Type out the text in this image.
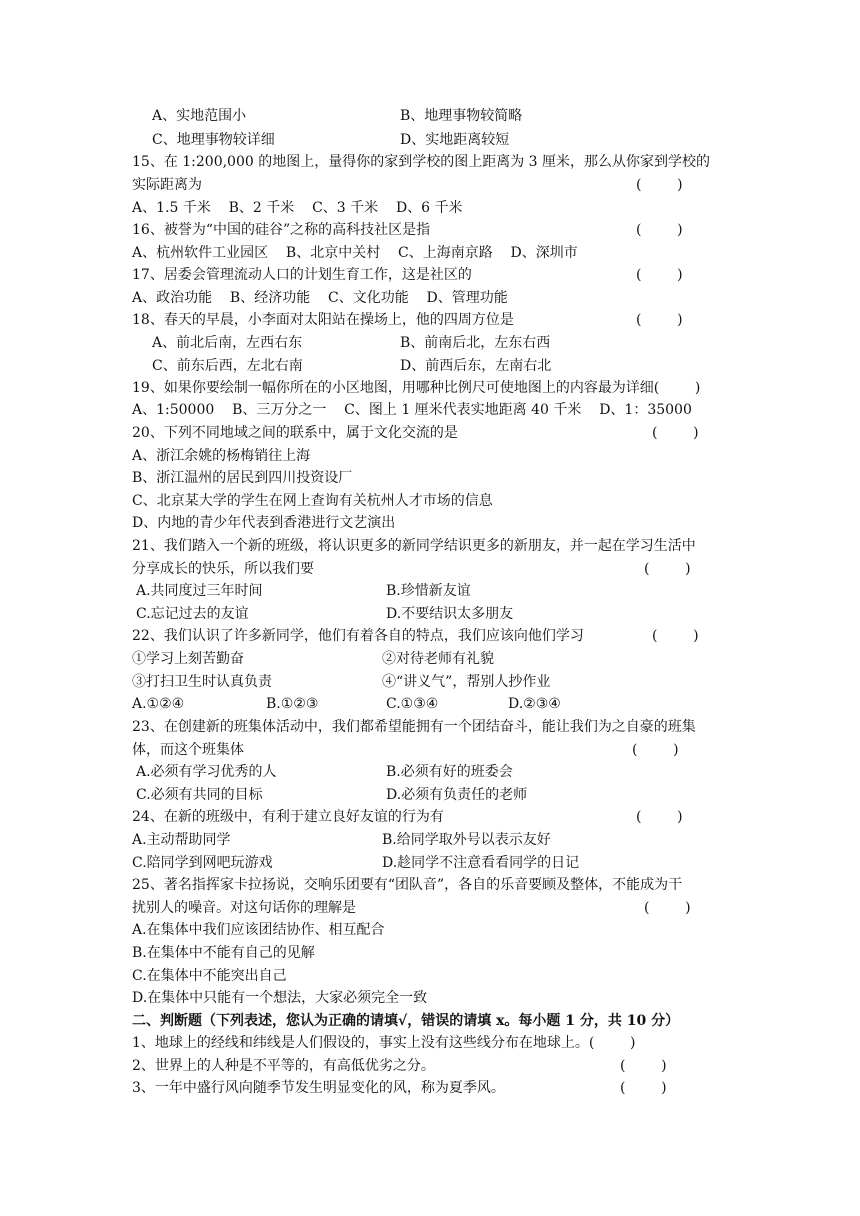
A、实地范围小	B、地理事物较简略
C、地理事物较详细	D、实地距离较短
15、在 1:200,000 的地图上，量得你的家到学校的图上距离为 3 厘米，那么从你家到学校的
实际距离为	(        )
A、1.5 千米    B、2 千米    C、3 千米    D、6 千米
16、被誉为“中国的硅谷”之称的高科技社区是指	(        )
A、杭州软件工业园区    B、北京中关村    C、上海南京路    D、深圳市
17、居委会管理流动人口的计划生育工作，这是社区的	(        )
A、政治功能    B、经济功能    C、文化功能    D、管理功能
18、春天的早晨，小李面对太阳站在操场上，他的四周方位是	(        )
A、前北后南，左西右东	B、前南后北，左东右西
C、前东后西，左北右南	D、前西后东，左南右北
19、如果你要绘制一幅你所在的小区地图，用哪种比例尺可使地图上的内容最为详细(        )
A、1:50000    B、三万分之一    C、图上 1 厘米代表实地距离 40 千米    D、1：35000
20、下列不同地域之间的联系中，属于文化交流的是	(        )
A、浙江余姚的杨梅销往上海
B、浙江温州的居民到四川投资设厂
C、北京某大学的学生在网上查询有关杭州人才市场的信息
D、内地的青少年代表到香港进行文艺演出
21、我们踏入一个新的班级，将认识更多的新同学结识更多的新朋友，并一起在学习生活中
分享成长的快乐，所以我们要	(        )
A.共同度过三年时间	B.珍惜新友谊
C.忘记过去的友谊	D.不要结识太多朋友
22、我们认识了许多新同学，他们有着各自的特点，我们应该向他们学习	(        )
①学习上刻苦勤奋	②对待老师有礼貌
③打扫卫生时认真负责	④“讲义气”，帮别人抄作业
A.①②④	B.①②③	C.①③④	D.②③④
23、在创建新的班集体活动中，我们都希望能拥有一个团结奋斗，能让我们为之自豪的班集
体，而这个班集体	(        )
A.必须有学习优秀的人	B.必须有好的班委会
C.必须有共同的目标	D.必须有负责任的老师
24、在新的班级中，有利于建立良好友谊的行为有	(        )
A.主动帮助同学	B.给同学取外号以表示友好
C.陪同学到网吧玩游戏	D.趁同学不注意看看同学的日记
25、著名指挥家卡拉扬说，交响乐团要有“团队音”，各自的乐音要顾及整体，不能成为干
扰别人的噪音。对这句话你的理解是	(        )
A.在集体中我们应该团结协作、相互配合
B.在集体中不能有自己的见解
C.在集体中不能突出自己
D.在集体中只能有一个想法，大家必须完全一致
二、判断题（下列表述，您认为正确的请填√，错误的请填 x。每小题 1 分，共 10 分）
1、地球上的经线和纬线是人们假设的，事实上没有这些线分布在地球上。(        )
2、世界上的人种是不平等的，有高低优劣之分。	(        )
3、一年中盛行风向随季节发生明显变化的风，称为夏季风。	(        )
